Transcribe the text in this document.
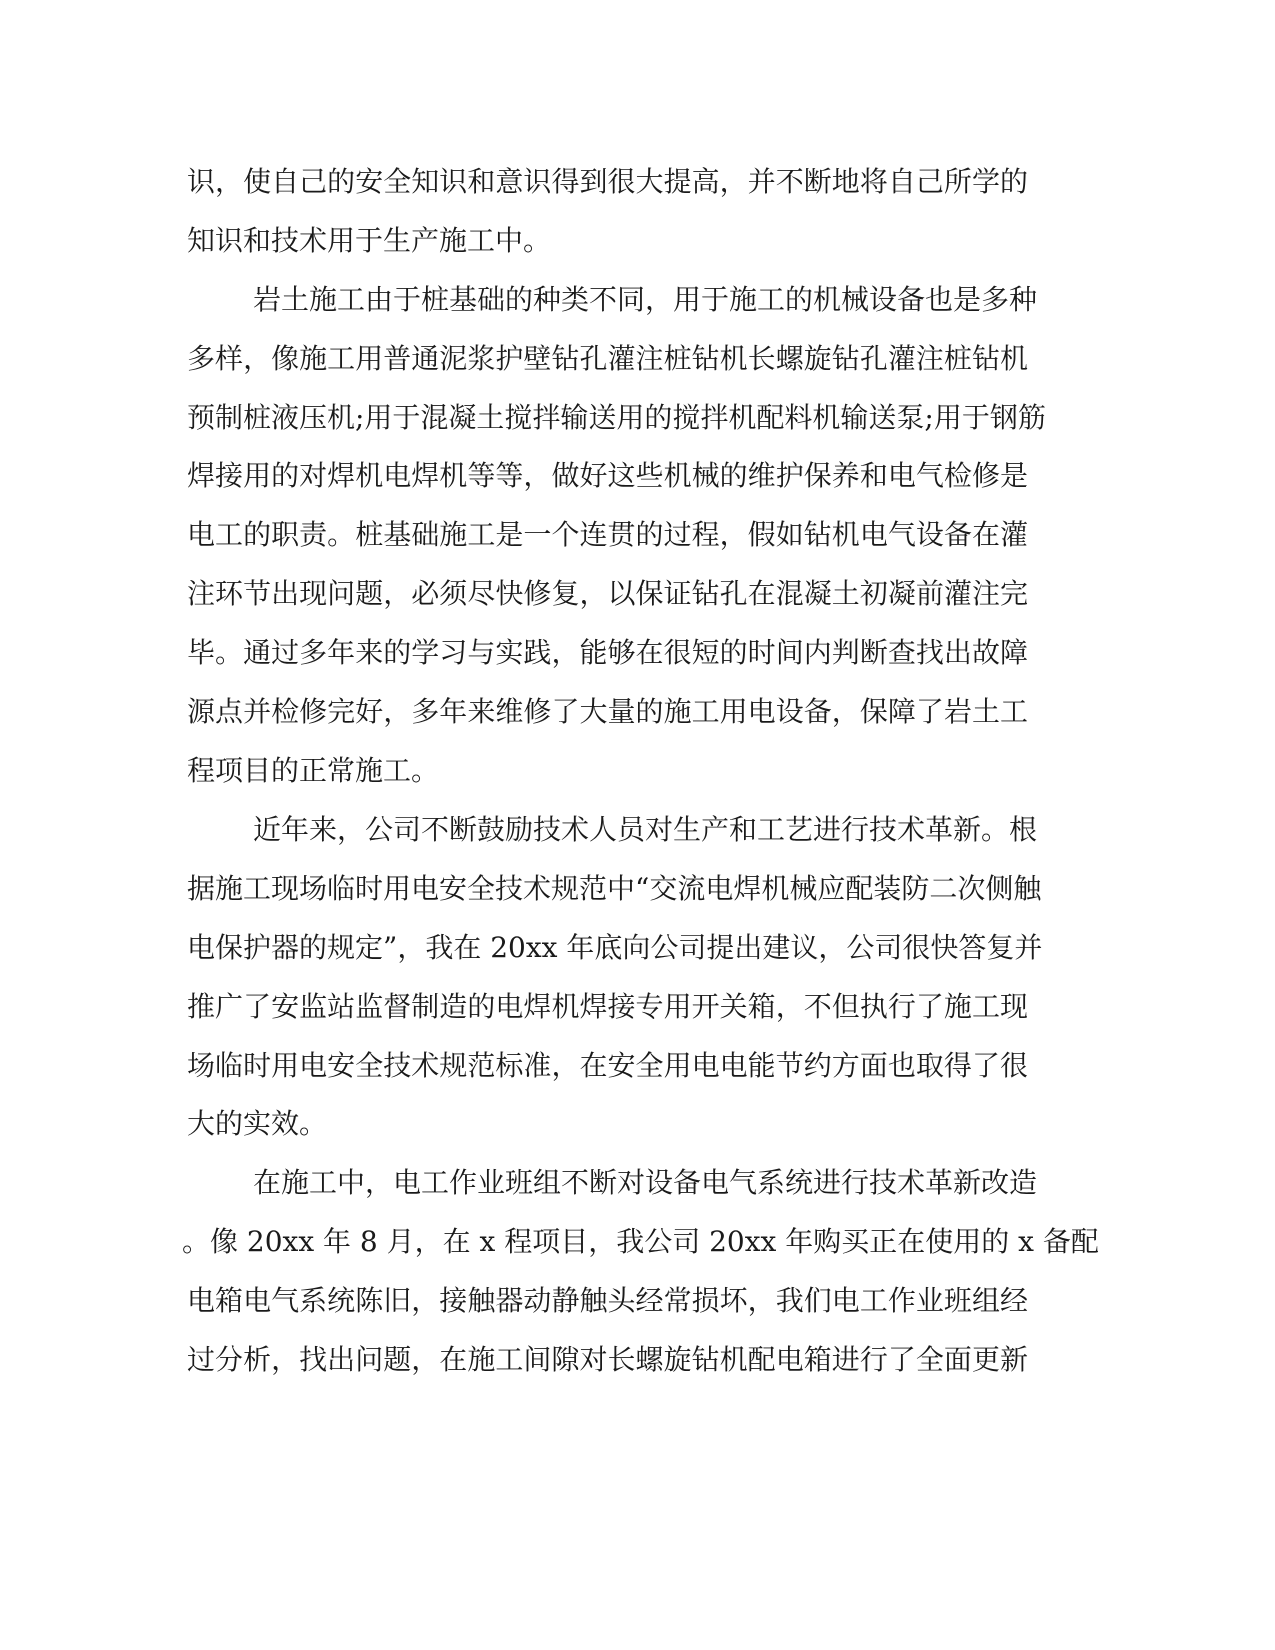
识，使自己的安全知识和意识得到很大提高，并不断地将自己所学的
知识和技术用于生产施工中。
岩土施工由于桩基础的种类不同，用于施工的机械设备也是多种
多样，像施工用普通泥浆护壁钻孔灌注桩钻机长螺旋钻孔灌注桩钻机
预制桩液压机;用于混凝土搅拌输送用的搅拌机配料机输送泵;用于钢筋
焊接用的对焊机电焊机等等，做好这些机械的维护保养和电气检修是
电工的职责。桩基础施工是一个连贯的过程，假如钻机电气设备在灌
注环节出现问题，必须尽快修复，以保证钻孔在混凝土初凝前灌注完
毕。通过多年来的学习与实践，能够在很短的时间内判断查找出故障
源点并检修完好，多年来维修了大量的施工用电设备，保障了岩土工
程项目的正常施工。
近年来，公司不断鼓励技术人员对生产和工艺进行技术革新。根
据施工现场临时用电安全技术规范中“交流电焊机械应配装防二次侧触
电保护器的规定”，我在 20xx 年底向公司提出建议，公司很快答复并
推广了安监站监督制造的电焊机焊接专用开关箱，不但执行了施工现
场临时用电安全技术规范标准，在安全用电电能节约方面也取得了很
大的实效。
在施工中，电工作业班组不断对设备电气系统进行技术革新改造
。像 20xx 年 8 月，在 x 程项目，我公司 20xx 年购买正在使用的 x 备配
电箱电气系统陈旧，接触器动静触头经常损坏，我们电工作业班组经
过分析，找出问题，在施工间隙对长螺旋钻机配电箱进行了全面更新
